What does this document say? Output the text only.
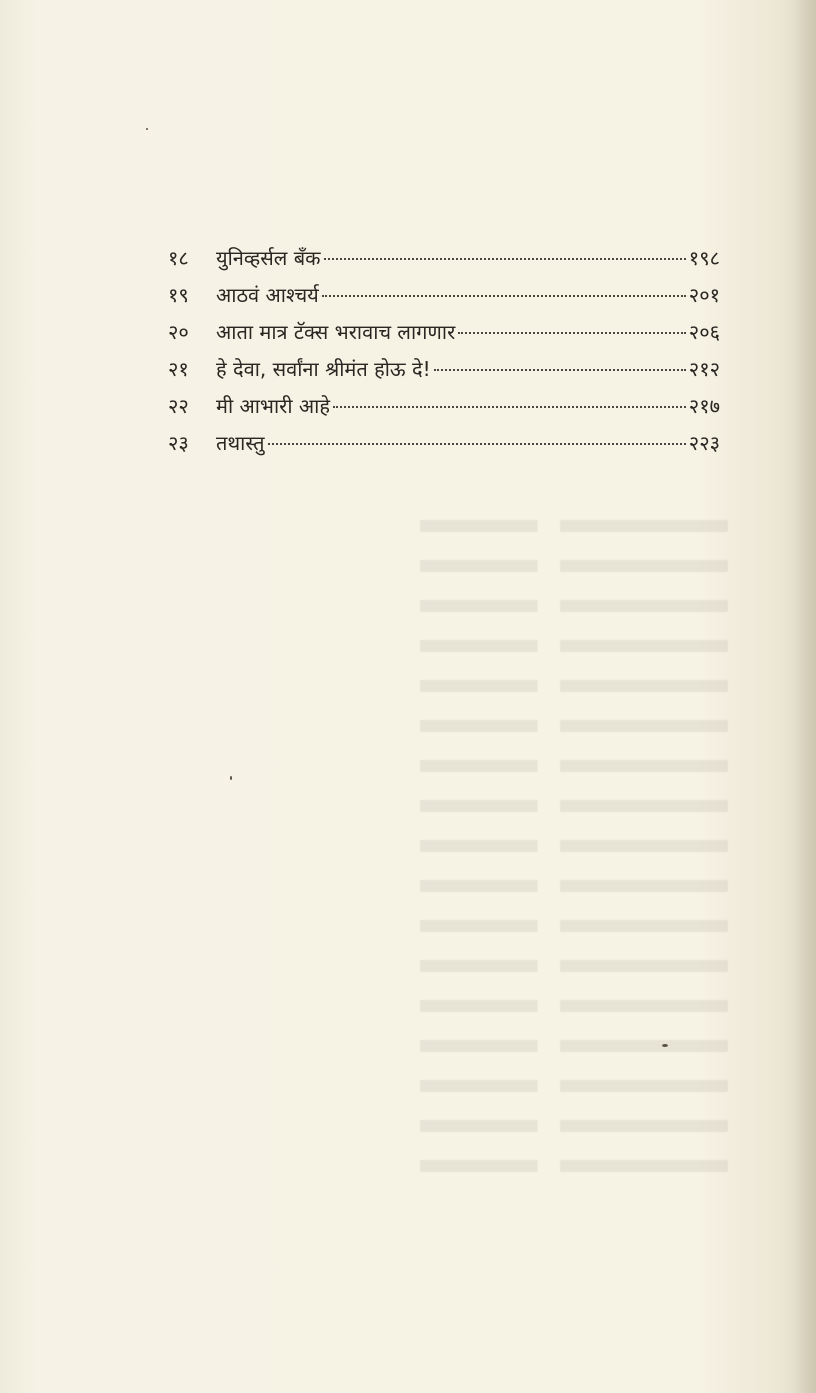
१८	युनिव्हर्सल बँक	१९८
१९	आठवं आश्चर्य	२०१
२०	आता मात्र टॅक्स भरावाच लागणार	२०६
२१	हे देवा, सर्वांना श्रीमंत होऊ दे!	२१२
२२	मी आभारी आहे	२१७
२३	तथास्तु	२२३
